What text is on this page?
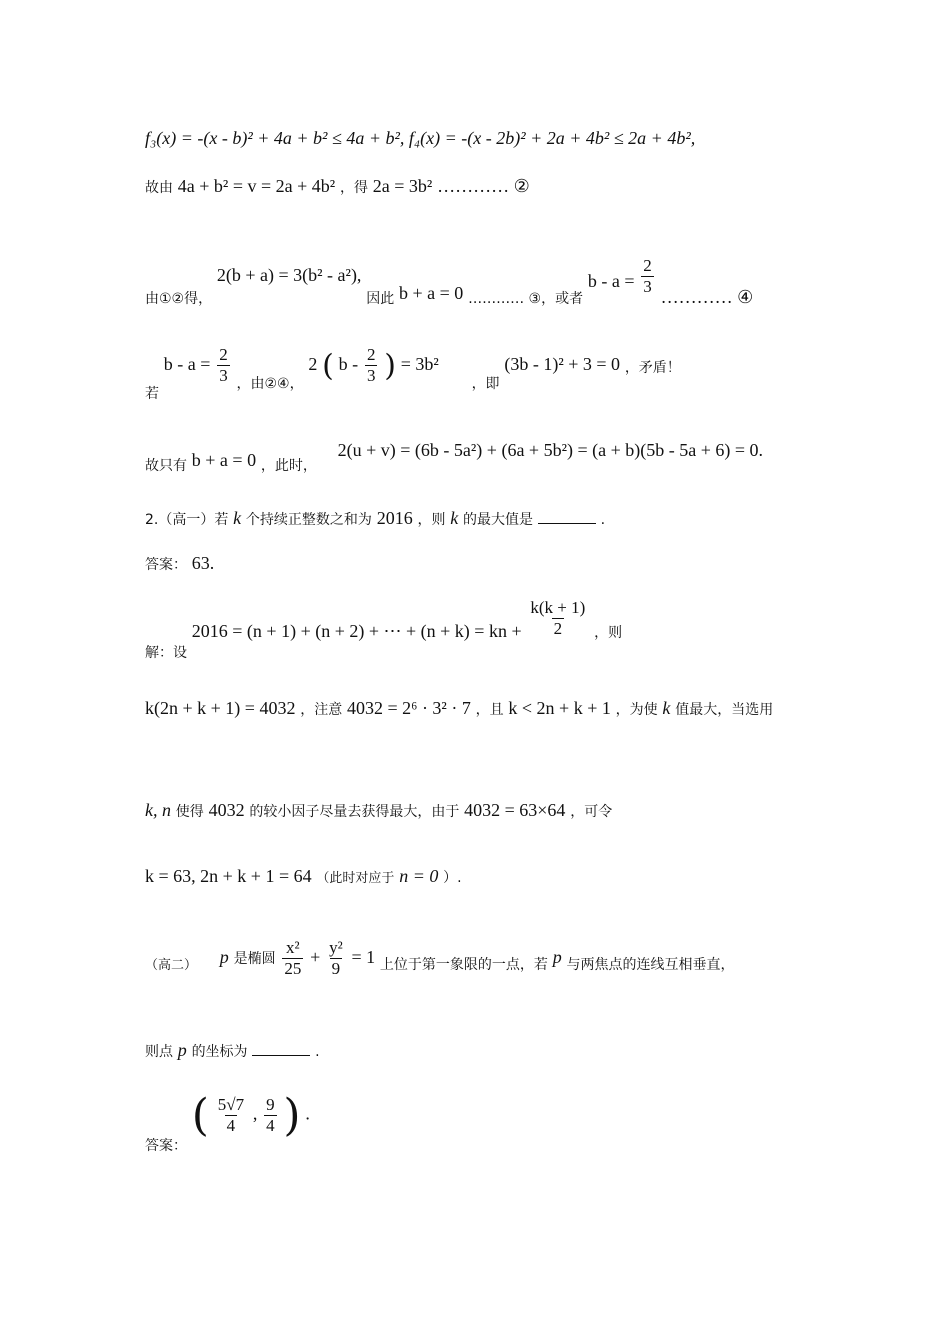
f₃(x) = -(x - b)² + 4a + b² ≤ 4a + b², f₄(x) = -(x - 2b)² + 2a + 4b² ≤ 2a + 4b²,
故由 4a + b² = v = 2a + 4b² ，得 2a = 3b² ………… ②
由①②得， 2(b + a) = 3(b² - a²), 因此 b + a = 0 ………… ③，或者 $b - a = \frac{2}{3}$ ………… ④
若 $b - a = \frac{2}{3}$ ，由②④， 2 ( b - $\frac{2}{3}$ ) = 3b² ，即 (3b - 1)² + 3 = 0 ，矛盾！
故只有 b + a = 0 ，此时， 2(u + v) = (6b - 5a²) + (6a + 5b²) = (a + b)(5b - 5a + 6) = 0.
2.（高一）若 k 个持续正整数之和为 2016 ，则 k 的最大值是	.
答案： 63.
解：设 2016 = (n + 1) + (n + 2) + ⋯ + (n + k) = kn + $\frac{k(k + 1)}{2}$ ，则
k(2n + k + 1) = 4032 ，注意 4032 = 2⁶ · 3² · 7 ，且 k < 2n + k + 1 ，为使 k 值最大，当选用
k, n 使得 4032 的较小因子尽量去获得最大，由于 4032 = 63×64 ，可令
k = 63, 2n + k + 1 = 64 （此时对应于 n = 0 ）.
（高二） p 是椭圆 $\frac{\text{x²}}{25} + \frac{\text{y²}}{9} = 1$ 上位于第一象限的一点，若 p 与两焦点的连线互相垂直，
则点 p 的坐标为	.
答案： ( $\frac{5√7}{4}$ , $\frac{9}{4}$ ) .
